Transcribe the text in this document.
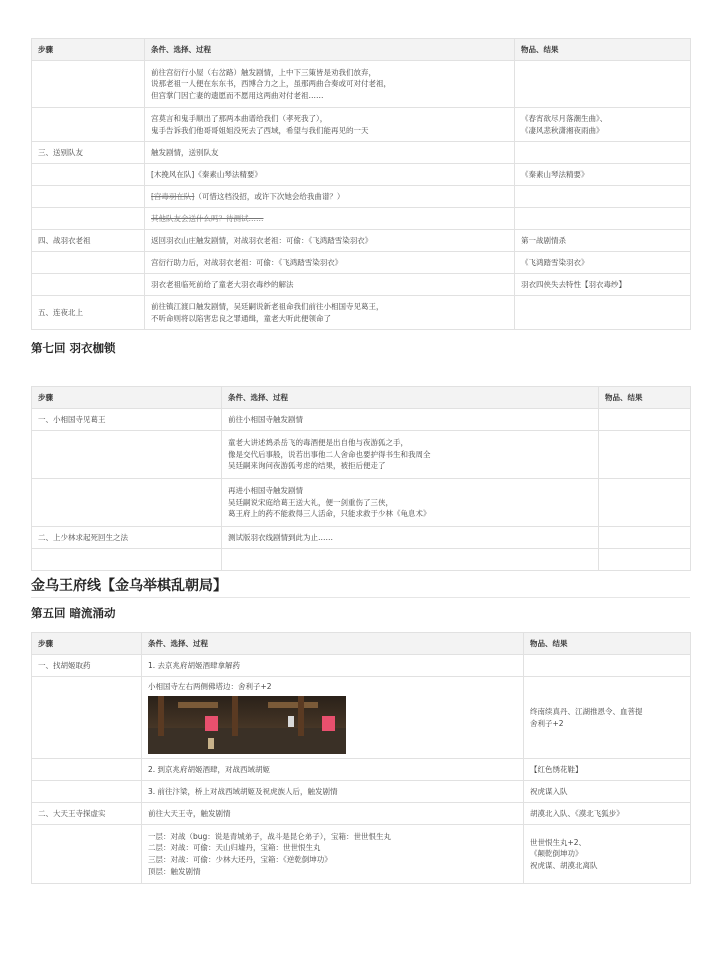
步骤	条件、选择、过程	物品、结果

	前往宫衍行小屋（右岔路）触发剧情，上中下三策皆是劝我们放弃，
说那老祖一人便在东东书，西博合力之上，虽那两曲合奏或可对付老祖，
但宫掌门因亡妻的遗愿而不愿用这两曲对付老祖……	

	宫莫言和鬼手顺出了那两本曲谱给我们（孝死我了），
鬼手告诉我们他哥哥姐姐没死去了西域，希望与我们能再见的一天	《春宵欲尽月落潮生曲》、
《凄风悲秋潇湘夜雨曲》

三、送别队友	触发剧情，送别队友	
	[木挽风在队]《秦素山琴法精要》	《秦素山琴法精要》
	[宫毒羽在队]（可惜这档没招，或许下次她会给我曲谱？）	
	其他队友会送什么吗？待测试……	
四、战羽衣老祖	返回羽衣山庄触发剧情，对战羽衣老祖：可偷：《飞鸿踏雪染羽衣》	第一战剧情杀
	宫衍行助力后，对战羽衣老祖：可偷：《飞鸿踏雪染羽衣》	《飞鸿踏雪染羽衣》
	羽衣老祖临死前给了童老大羽衣毒纱的解法	羽衣四侠失去特性【羽衣毒纱】
五、连夜北上	前往镇江渡口触发剧情，吴廷嗣说新老祖命我们前往小相国寺见葛王，
不听命则将以陷害忠良之罪通缉，童老大听此便领命了	

第七回 羽衣枷锁
步骤	条件、选择、过程	物品、结果
一、小相国寺见葛王	前往小相国寺触发剧情	

	童老大讲述鸩杀岳飞的毒酒便是出自他与夜游狐之手，
像是交代后事般，说若出事他二人舍命也要护得书生和我周全
吴廷嗣来询问夜游狐考虑的结果，被拒后便走了	

	再进小相国寺触发剧情
吴廷嗣说宋庭给葛王送大礼，便一剑重伤了三侠，
葛王府上的药不能救得三人活命，只能求救于少林《龟息术》	

二、上少林求起死回生之法	测试版羽衣线剧情到此为止……	

金乌王府线【金乌举棋乱朝局】
第五回 暗流涌动
步骤	条件、选择、过程	物品、结果
一、找胡姬取药	1. 去京兆府胡姬酒肆拿解药	

	小相国寺左右两侧佛塔边：舍利子+2	终南续真丹、江湖推恩令、血菩提
舍利子+2

	2. 到京兆府胡姬酒肆，对战西域胡姬	【红色绣花鞋】
	3. 前往汴梁，桥上对战西域胡姬及祝虎族人后，触发剧情	祝虎谋入队
二、大天王寺探虚实	前往大天王寺，触发剧情	胡漠北入队、《漠北飞狐步》

	一层：对战（bug：说是青城弟子，战斗是昆仑弟子），宝箱：世世恨生丸
二层：对战：可偷：天山归墟丹，宝箱：世世恨生丸
三层：对战：可偷：少林大还丹，宝箱：《逆乾倒坤功》
顶层：触发剧情	世世恨生丸+2、
《颠乾倒坤功》
祝虎谋、胡漠北离队
